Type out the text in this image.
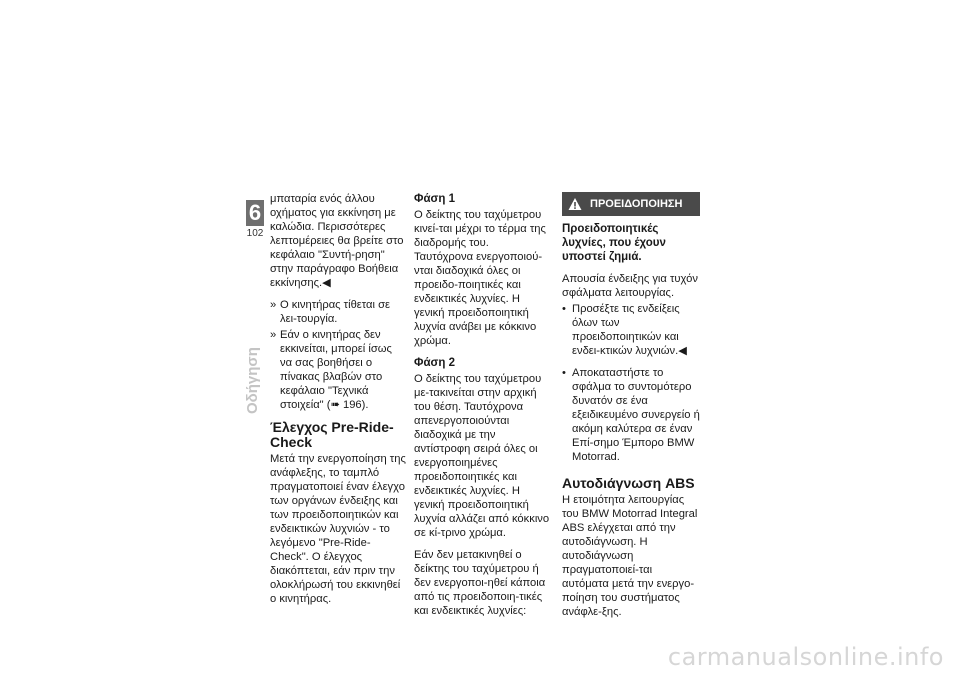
6
102
Οδήγηση

μπαταρία ενός άλλου οχήματος για εκκίνηση με καλώδια. Περισσότερες λεπτομέρειες θα βρείτε στο κεφάλαιο "Συντή-ρηση" στην παράγραφο Βοήθεια εκκίνησης.◀

» Ο κινητήρας τίθεται σε λει-τουργία.
» Εάν ο κινητήρας δεν εκκινείται, μπορεί ίσως να σας βοηθήσει ο πίνακας βλαβών στο κεφάλαιο "Τεχνικά στοιχεία" (➠ 196).
Έλεγχος Pre-Ride-Check

Μετά την ενεργοποίηση της ανάφλεξης, το ταμπλό πραγματοποιεί έναν έλεγχο των οργάνων ένδειξης και των προειδοποιητικών και ενδεικτικών λυχνιών - το λεγόμενο "Pre-Ride-Check". Ο έλεγχος διακόπτεται, εάν πριν την ολοκλήρωσή του εκκινηθεί ο κινητήρας.

Φάση 1

Ο δείκτης του ταχύμετρου κινεί-ται μέχρι το τέρμα της διαδρομής του. Ταυτόχρονα ενεργοποιού-νται διαδοχικά όλες οι προειδο-ποιητικές και ενδεικτικές λυχνίες. Η γενική προειδοποιητική λυχνία ανάβει με κόκκινο χρώμα.

Φάση 2

Ο δείκτης του ταχύμετρου με-τακινείται στην αρχική του θέση. Ταυτόχρονα απενεργοποιούνται διαδοχικά με την αντίστροφη σειρά όλες οι ενεργοποιημένες προειδοποιητικές και ενδεικτικές λυχνίες. Η γενική προειδοποιητική λυχνία αλλάζει από κόκκινο σε κί-τρινο χρώμα.

Εάν δεν μετακινηθεί ο δείκτης του ταχύμετρου ή δεν ενεργοποι-ηθεί κάποια από τις προειδοποιη-τικές και ενδεικτικές λυχνίες:

ΠΡΟΕΙΔΟΠΟΙΗΣΗ

Προειδοποιητικές λυχνίες, που έχουν υποστεί ζημιά.

Απουσία ένδειξης για τυχόν σφάλματα λειτουργίας.

• Προσέξτε τις ενδείξεις όλων των προειδοποιητικών και ενδει-κτικών λυχνιών.◀
• Αποκαταστήστε το σφάλμα το συντομότερο δυνατόν σε ένα εξειδικευμένο συνεργείο ή ακόμη καλύτερα σε έναν Επί-σημο Έμπορο BMW Motorrad.
Αυτοδιάγνωση ABS

Η ετοιμότητα λειτουργίας του BMW Motorrad Integral ABS ελέγχεται από την αυτοδιάγνωση. Η αυτοδιάγνωση πραγματοποιεί-ται αυτόματα μετά την ενεργο-ποίηση του συστήματος ανάφλε-ξης.

carmanualsonline.info
